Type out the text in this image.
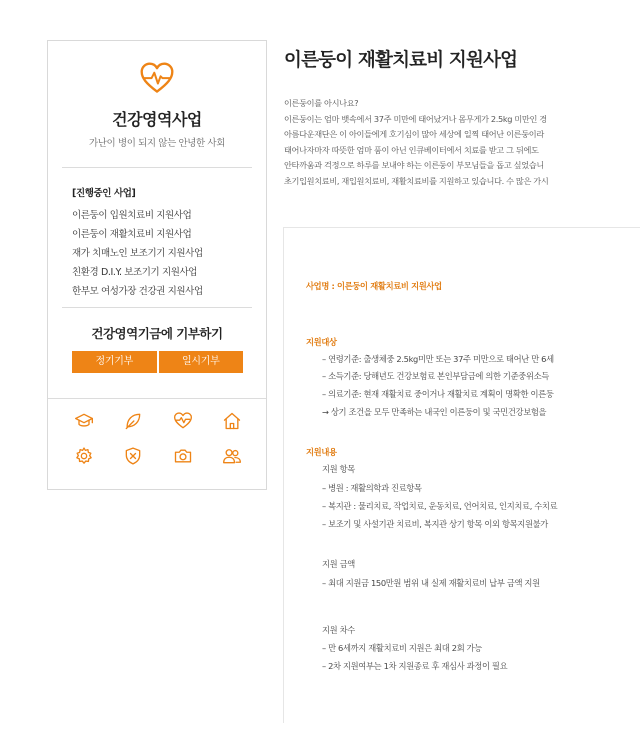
건강영역사업
가난이 병이 되지 않는 안녕한 사회
[진행중인 사업]
이른둥이 입원치료비 지원사업
이른둥이 재활치료비 지원사업
재가 치매노인 보조기기 지원사업
친환경 D.I.Y. 보조기기 지원사업
한부모 여성가장 건강권 지원사업
건강영역기금에 기부하기
정기기부	일시기부
이른둥이 재활치료비 지원사업

이른둥이를 아시나요?

이른둥이는 엄마 뱃속에서 37주 미만에 태어났거나 몸무게가 2.5kg 미만인 경

아름다운재단은 이 아이들에게 호기심이 많아 세상에 일찍 태어난 이른둥이라

태어나자마자 따뜻한 엄마 품이 아닌 인큐베이터에서 치료를 받고 그 뒤에도

안타까움과 걱정으로 하루를 보내야 하는 이른둥이 부모님들을 돕고 싶었습니

초기입원치료비, 재입원치료비, 재활치료비를 지원하고 있습니다. 수 많은 가시

사업명 : 이른둥이 재활치료비 지원사업
지원대상
– 연령기준: 출생체중 2.5kg미만 또는 37주 미만으로 태어난 만 6세
– 소득기준: 당해년도 건강보험료 본인부담금에 의한 기준중위소득
– 의료기준: 현재 재활치료 중이거나 재활치료 계획이 명확한 이른둥
→ 상기 조건을 모두 만족하는 내국인 이른둥이 및 국민건강보험을
지원내용
지원 항목
– 병원 : 재활의학과 진료항목
– 복지관 : 물리치료, 작업치료, 운동치료, 언어치료, 인지치료, 수치료
– 보조기 및 사설기관 치료비, 복지관 상기 항목 이외 항목지원불가
지원 금액
– 최대 지원금 150만원 범위 내 실제 재활치료비 납부 금액 지원
지원 차수
– 만 6세까지 재활치료비 지원은 최대 2회 가능
– 2차 지원여부는 1차 지원종료 후 재심사 과정이 필요
